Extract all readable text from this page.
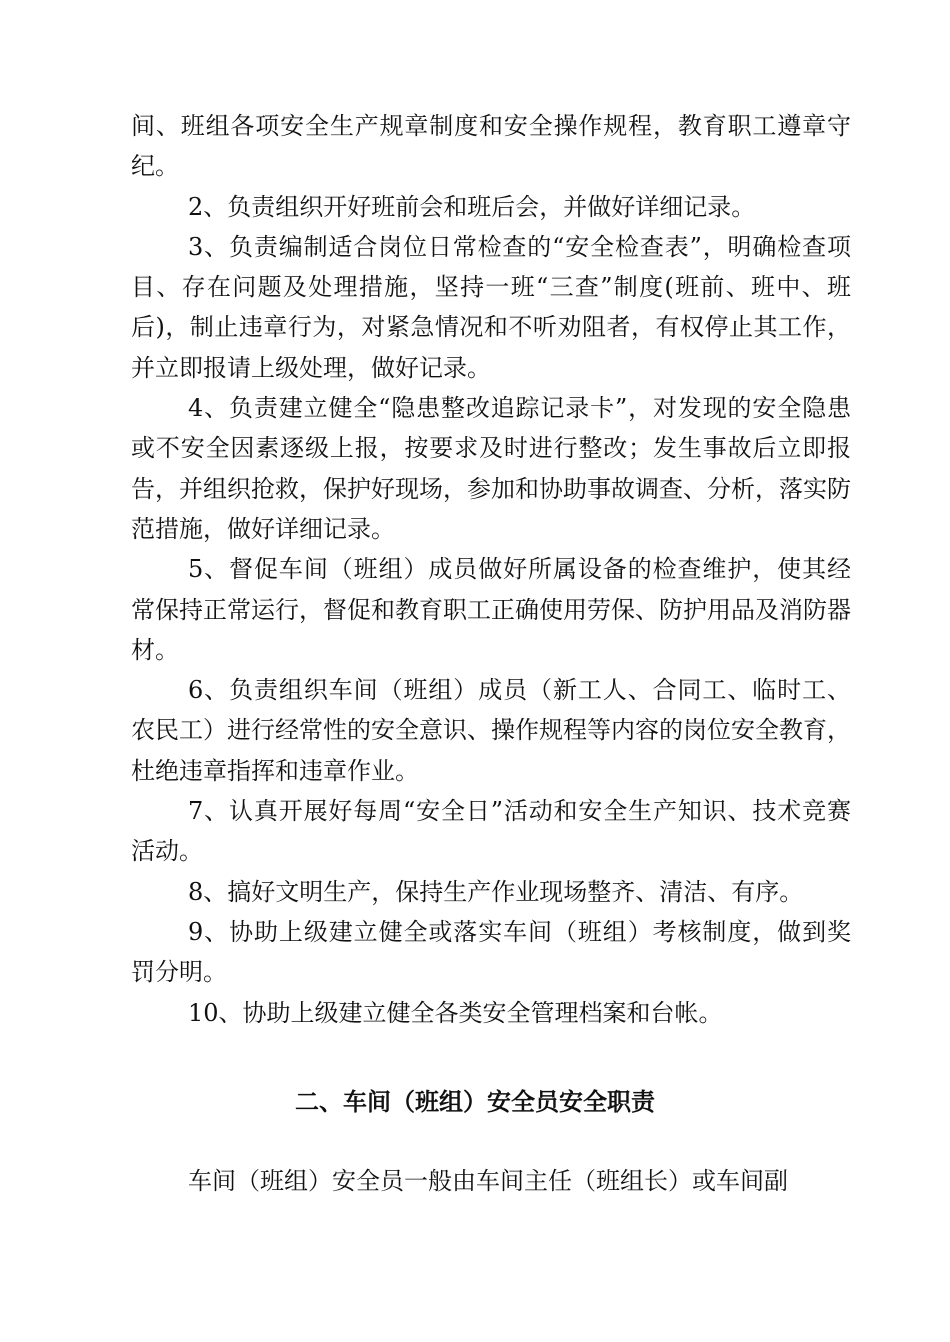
间、班组各项安全生产规章制度和安全操作规程，教育职工遵章守纪。

2、负责组织开好班前会和班后会，并做好详细记录。

3、负责编制适合岗位日常检查的“安全检查表”，明确检查项目、存在问题及处理措施，坚持一班“三查”制度(班前、班中、班后)，制止违章行为，对紧急情况和不听劝阻者，有权停止其工作，并立即报请上级处理，做好记录。

4、负责建立健全“隐患整改追踪记录卡”，对发现的安全隐患或不安全因素逐级上报，按要求及时进行整改；发生事故后立即报告，并组织抢救，保护好现场，参加和协助事故调查、分析，落实防范措施，做好详细记录。

5、督促车间（班组）成员做好所属设备的检查维护，使其经常保持正常运行，督促和教育职工正确使用劳保、防护用品及消防器材。

6、负责组织车间（班组）成员（新工人、合同工、临时工、农民工）进行经常性的安全意识、操作规程等内容的岗位安全教育，杜绝违章指挥和违章作业。

7、认真开展好每周“安全日”活动和安全生产知识、技术竞赛活动。

8、搞好文明生产，保持生产作业现场整齐、清洁、有序。

9、协助上级建立健全或落实车间（班组）考核制度，做到奖罚分明。

10、协助上级建立健全各类安全管理档案和台帐。

二、车间（班组）安全员安全职责

车间（班组）安全员一般由车间主任（班组长）或车间副
